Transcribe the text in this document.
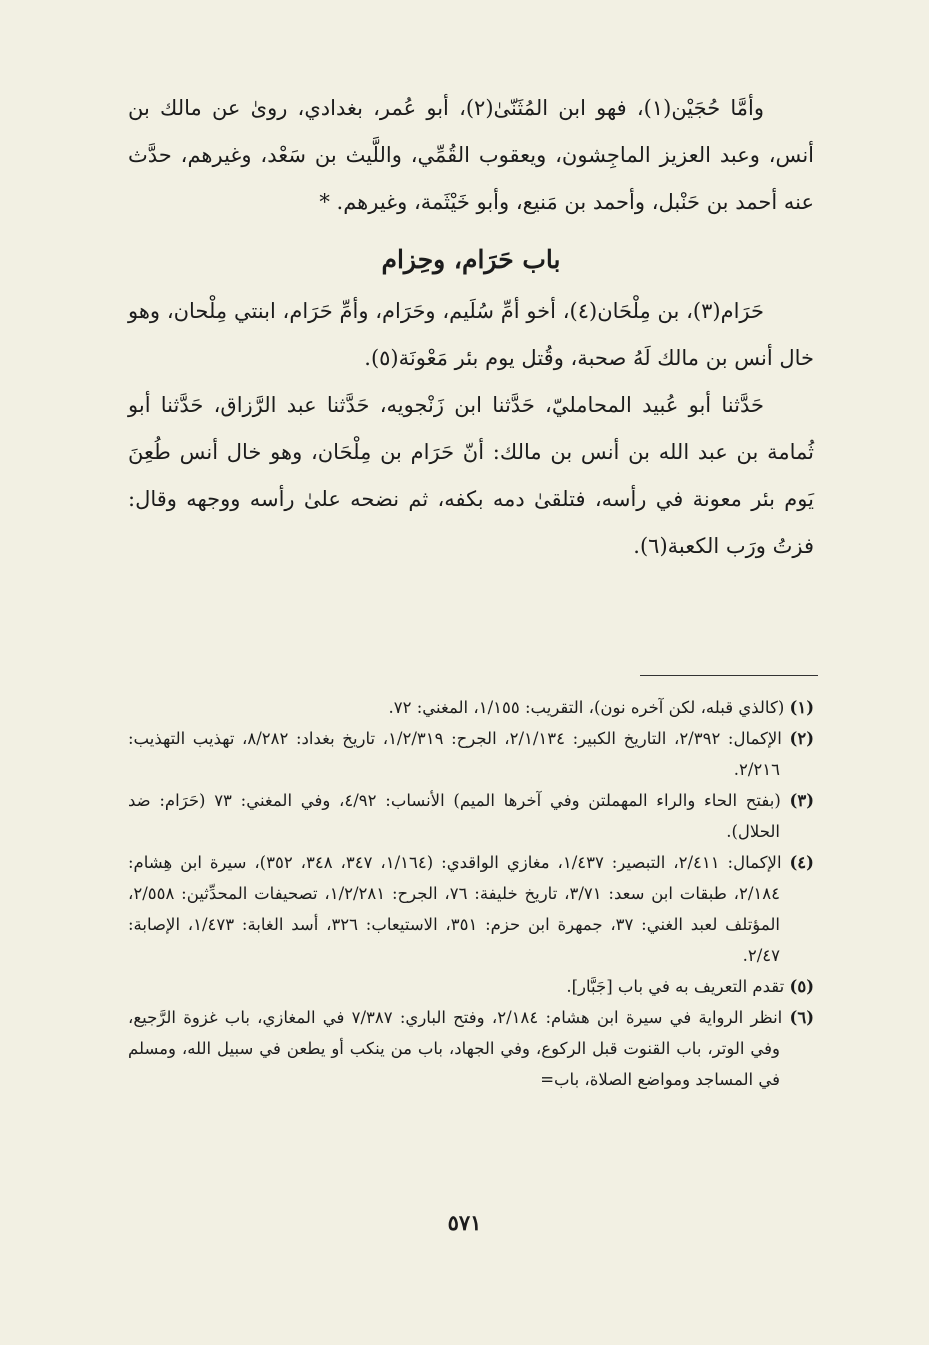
وأمَّا حُجَيْن(١)، فهو ابن المُثَنّىٰ(٢)، أبو عُمر، بغدادي، روىٰ عن مالك بن أنس، وعبد العزيز الماجِشون، ويعقوب القُمِّي، واللَّيث بن سَعْد، وغيرهم، حدَّث عنه أحمد بن حَنْبل، وأحمد بن مَنيع، وأبو خَيْثَمة، وغيرهم. *

باب حَرَام، وحِزام

حَرَام(٣)، بن مِلْحَان(٤)، أخو أمِّ سُلَيم، وحَرَام، وأمِّ حَرَام، ابنتي مِلْحان، وهو خال أنس بن مالك لَهُ صحبة، وقُتل يوم بئر مَعْونَة(٥).

حَدَّثنا أبو عُبيد المحامليّ، حَدَّثنا ابن زَنْجويه، حَدَّثنا عبد الرَّزاق، حَدَّثنا أبو ثُمامة بن عبد الله بن أنس بن مالك: أنّ حَرَام بن مِلْحَان، وهو خال أنس طُعِنَ يَوم بئر معونة في رأسه، فتلقىٰ دمه بكفه، ثم نضحه علىٰ رأسه ووجهه وقال: فزتُ ورَب الكعبة(٦).

(١) (كالذي قبله، لكن آخره نون)، التقريب: ١/١٥٥، المغني: ٧٢.

(٢) الإكمال: ٢/٣٩٢، التاريخ الكبير: ٢/١/١٣٤، الجرح: ١/٢/٣١٩، تاريخ بغداد: ٨/٢٨٢، تهذيب التهذيب: ٢/٢١٦.

(٣) (بفتح الحاء والراء المهملتن وفي آخرها الميم) الأنساب: ٤/٩٢، وفي المغني: ٧٣ (حَرَام: ضد الحلال).

(٤) الإكمال: ٢/٤١١، التبصير: ١/٤٣٧، مغازي الواقدي: (١/١٦٤، ٣٤٧، ٣٤٨، ٣٥٢)، سيرة ابن هِشام: ٢/١٨٤، طبقات ابن سعد: ٣/٧١، تاريخ خليفة: ٧٦، الجرح: ١/٢/٢٨١، تصحيفات المحدِّثين: ٢/٥٥٨، المؤتلف لعبد الغني: ٣٧، جمهرة ابن حزم: ٣٥١، الاستيعاب: ٣٢٦، أسد الغابة: ١/٤٧٣، الإصابة: ٢/٤٧.

(٥) تقدم التعريف به في باب [جَبَّار].

(٦) انظر الرواية في سيرة ابن هشام: ٢/١٨٤، وفتح الباري: ٧/٣٨٧ في المغازي، باب غزوة الرَّجيع، وفي الوتر، باب القنوت قبل الركوع، وفي الجهاد، باب من ينكب أو يطعن في سبيل الله، ومسلم في المساجد ومواضع الصلاة، باب=

٥٧١
